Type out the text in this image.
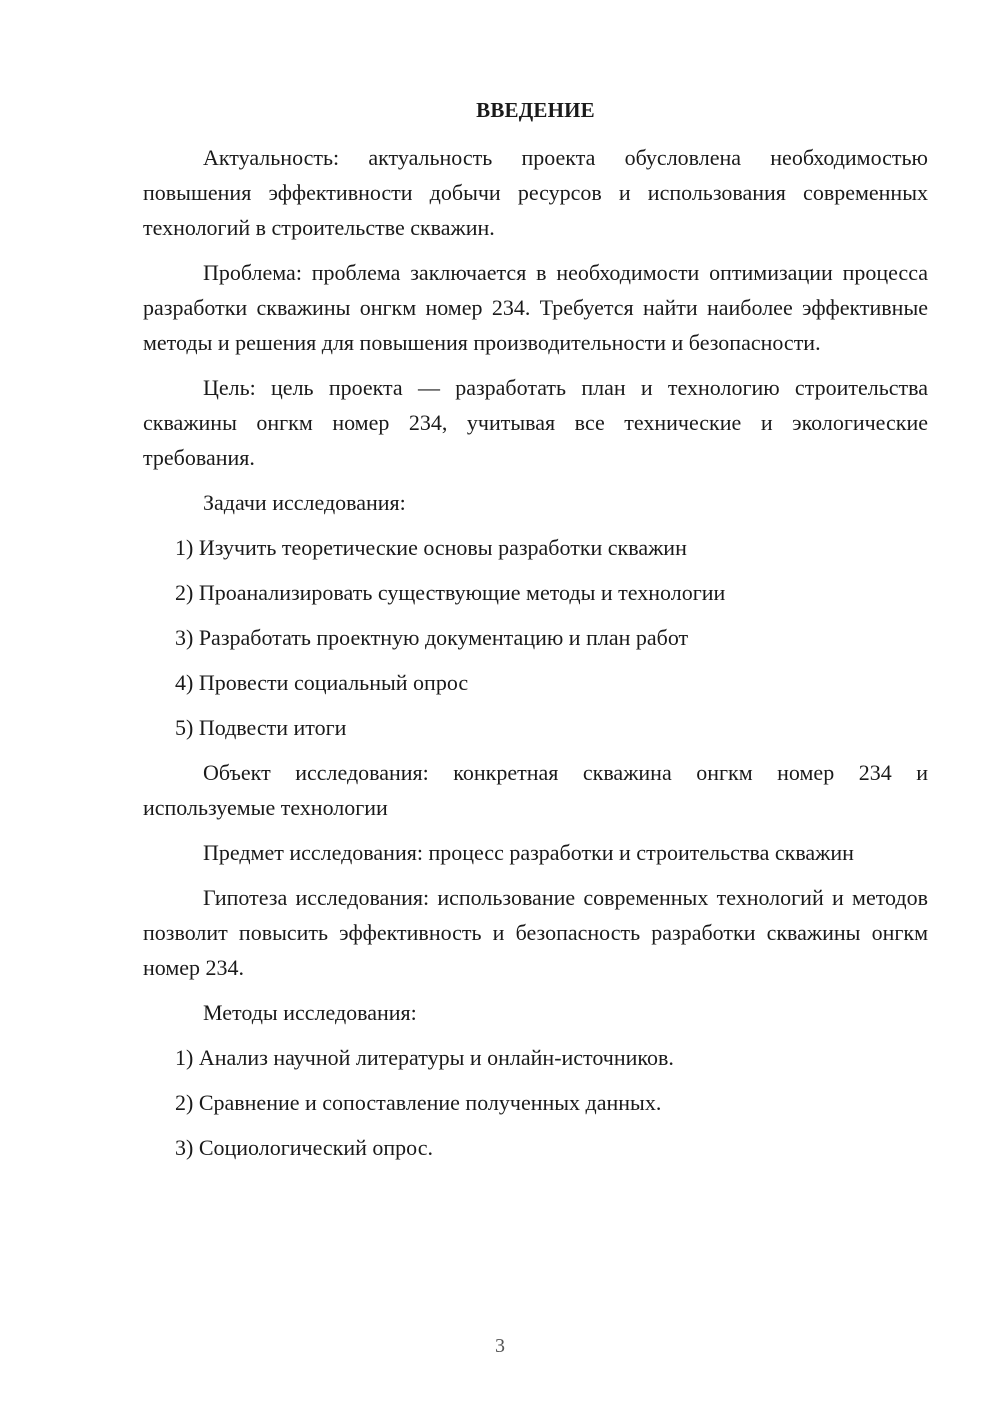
ВВЕДЕНИЕ

Актуальность: актуальность проекта обусловлена необходимостью повышения эффективности добычи ресурсов и использования современных технологий в строительстве скважин.

Проблема: проблема заключается в необходимости оптимизации процесса разработки скважины онгкм номер 234. Требуется найти наиболее эффективные методы и решения для повышения производительности и безопасности.

Цель: цель проекта — разработать план и технологию строительства скважины онгкм номер 234, учитывая все технические и экологические требования.

Задачи исследования:

1) Изучить теоретические основы разработки скважин

2) Проанализировать существующие методы и технологии

3) Разработать проектную документацию и план работ

4) Провести социальный опрос

5) Подвести итоги

Объект исследования: конкретная скважина онгкм номер 234 и используемые технологии

Предмет исследования: процесс разработки и строительства скважин

Гипотеза исследования: использование современных технологий и методов позволит повысить эффективность и безопасность разработки скважины онгкм номер 234.

Методы исследования:

1) Анализ научной литературы и онлайн-источников.

2) Сравнение и сопоставление полученных данных.

3) Социологический опрос.

3
